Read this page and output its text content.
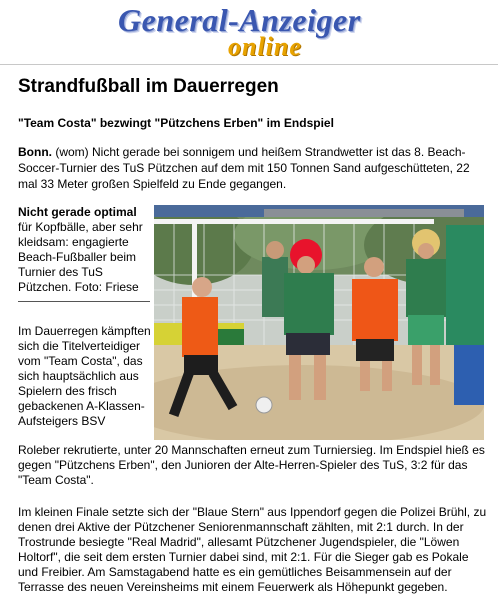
General-Anzeiger
online
Strandfußball im Dauerregen
"Team Costa" bezwingt "Pützchens Erben" im Endspiel

Bonn. (wom) Nicht gerade bei sonnigem und heißem Strandwetter ist das 8. Beach-Soccer-Turnier des TuS Pützchen auf dem mit 150 Tonnen Sand aufgeschütteten, 22 mal 33 Meter großen Spielfeld zu Ende gegangen.

Nicht gerade optimal für Kopfbälle, aber sehr kleidsam: engagierte Beach-Fußballer beim Turnier des TuS Pützchen. Foto: Friese

Im Dauerregen kämpften sich die Titelverteidiger vom "Team Costa", das sich hauptsächlich aus Spielern des frisch gebackenen A-Klassen-Aufsteigers BSV

Roleber rekrutierte, unter 20 Mannschaften erneut zum Turniersieg. Im Endspiel hieß es gegen "Pützchens Erben", den Junioren der Alte-Herren-Spieler des TuS, 3:2 für das "Team Costa".

Im kleinen Finale setzte sich der "Blaue Stern" aus Ippendorf gegen die Polizei Brühl, zu denen drei Aktive der Pützchener Seniorenmannschaft zählten, mit 2:1 durch. In der Trostrunde besiegte "Real Madrid", allesamt Pützchener Jugendspieler, die "Löwen Holtorf", die seit dem ersten Turnier dabei sind, mit 2:1. Für die Sieger gab es Pokale und Freibier. Am Samstagabend hatte es ein gemütliches Beisammensein auf der Terrasse des neuen Vereinsheims mit einem Feuerwerk als Höhepunkt gegeben.
